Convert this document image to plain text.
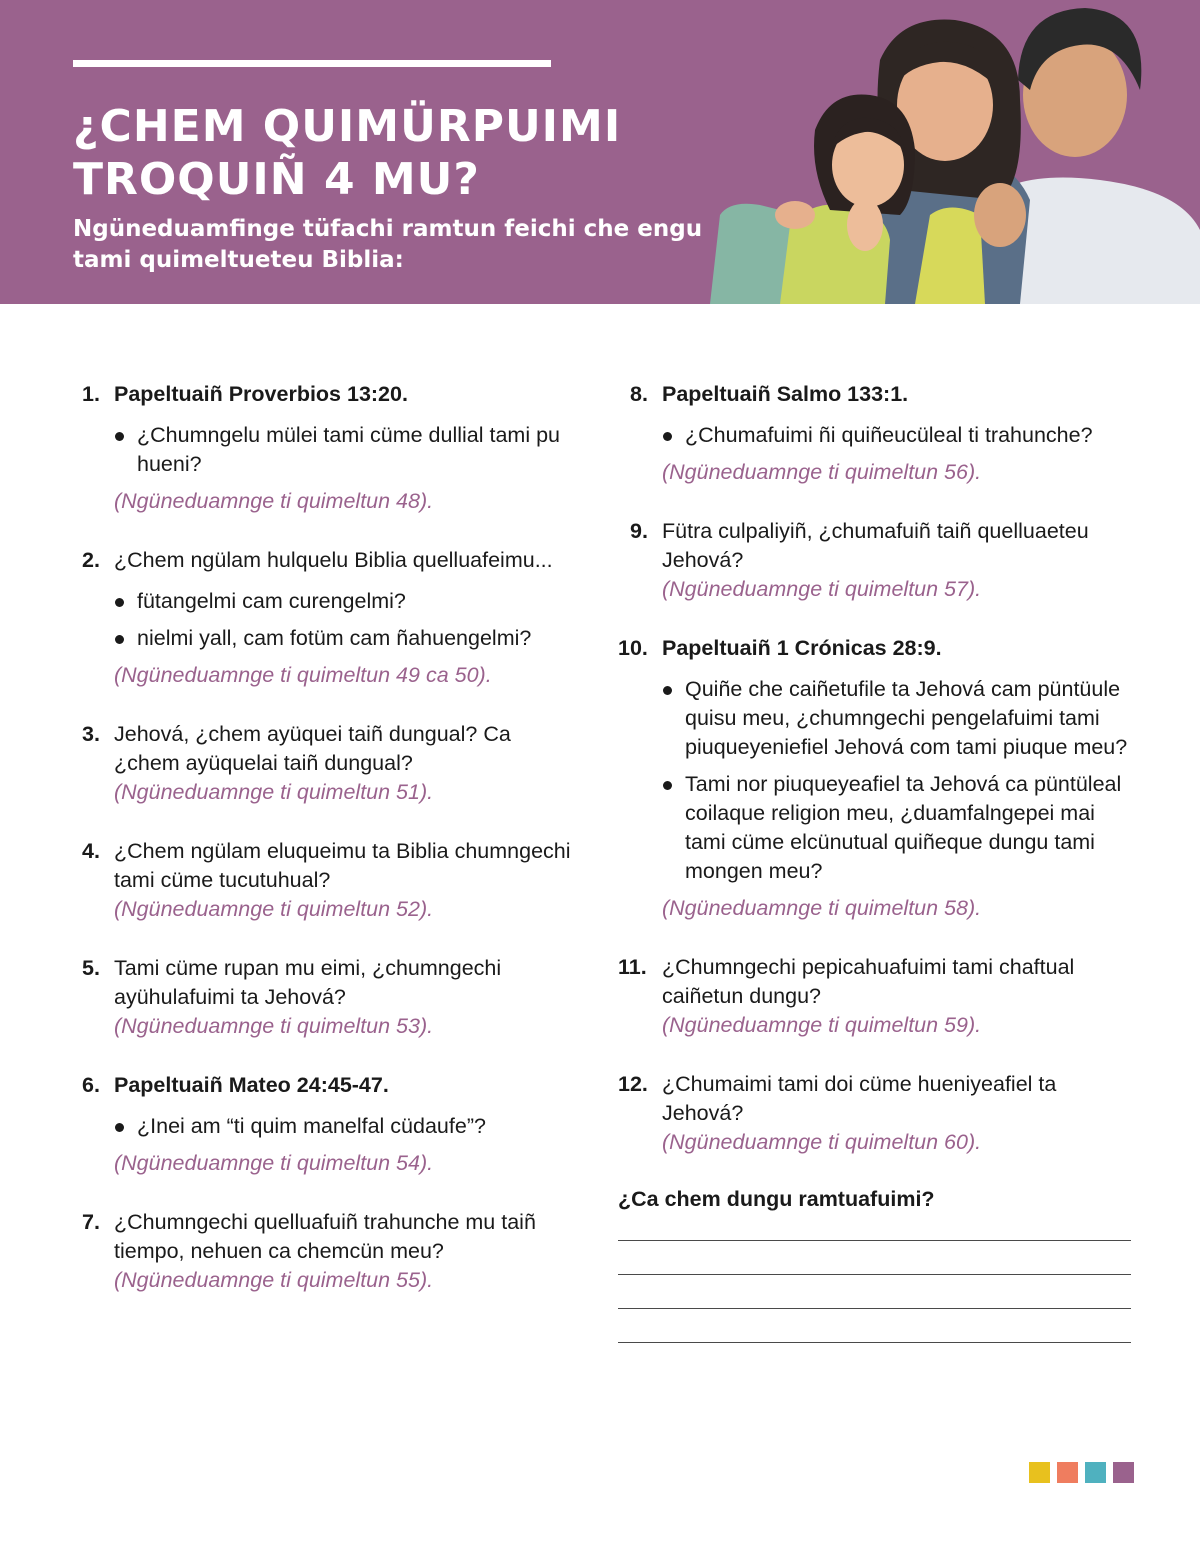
¿CHEM QUIMÜRPUIMI
TROQUIÑ 4 MU?
Ngüneduamfinge tüfachi ramtun feichi che engu
tami quimeltueteu Biblia:
1. Papeltuaiñ Proverbios 13:20.
¿Chumngelu mülei tami cüme dullial tami pu hueni?
(Ngüneduamnge ti quimeltun 48).
2. ¿Chem ngülam hulquelu Biblia quelluafeimu...
fütangelmi cam curengelmi?
nielmi yall, cam fotüm cam ñahuengelmi?
(Ngüneduamnge ti quimeltun 49 ca 50).
3. Jehová, ¿chem ayüquei taiñ dungual? Ca ¿chem ayüquelai taiñ dungual?
(Ngüneduamnge ti quimeltun 51).
4. ¿Chem ngülam eluqueimu ta Biblia chumngechi tami cüme tucutuhual?
(Ngüneduamnge ti quimeltun 52).
5. Tami cüme rupan mu eimi, ¿chumngechi ayühulafuimi ta Jehová?
(Ngüneduamnge ti quimeltun 53).
6. Papeltuaiñ Mateo 24:45-47.
¿Inei am “ti quim manelfal cüdaufe”?
(Ngüneduamnge ti quimeltun 54).
7. ¿Chumngechi quelluafuiñ trahunche mu taiñ tiempo, nehuen ca chemcün meu?
(Ngüneduamnge ti quimeltun 55).
8. Papeltuaiñ Salmo 133:1.
¿Chumafuimi ñi quiñeucüleal ti trahunche?
(Ngüneduamnge ti quimeltun 56).
9. Fütra culpaliyiñ, ¿chumafuiñ taiñ quelluaeteu Jehová?
(Ngüneduamnge ti quimeltun 57).
10. Papeltuaiñ 1 Crónicas 28:9.
Quiñe che caiñetufile ta Jehová cam püntüule quisu meu, ¿chumngechi pengelafuimi tami piuqueyeniefiel Jehová com tami piuque meu?
Tami nor piuqueyeafiel ta Jehová ca püntüleal coilaque religion meu, ¿duamfalngepei mai tami cüme elcünutual quiñeque dungu tami mongen meu?
(Ngüneduamnge ti quimeltun 58).
11. ¿Chumngechi pepicahuafuimi tami chaftual caiñetun dungu?
(Ngüneduamnge ti quimeltun 59).
12. ¿Chumaimi tami doi cüme hueniyeafiel ta Jehová?
(Ngüneduamnge ti quimeltun 60).
¿Ca chem dungu ramtuafuimi?
